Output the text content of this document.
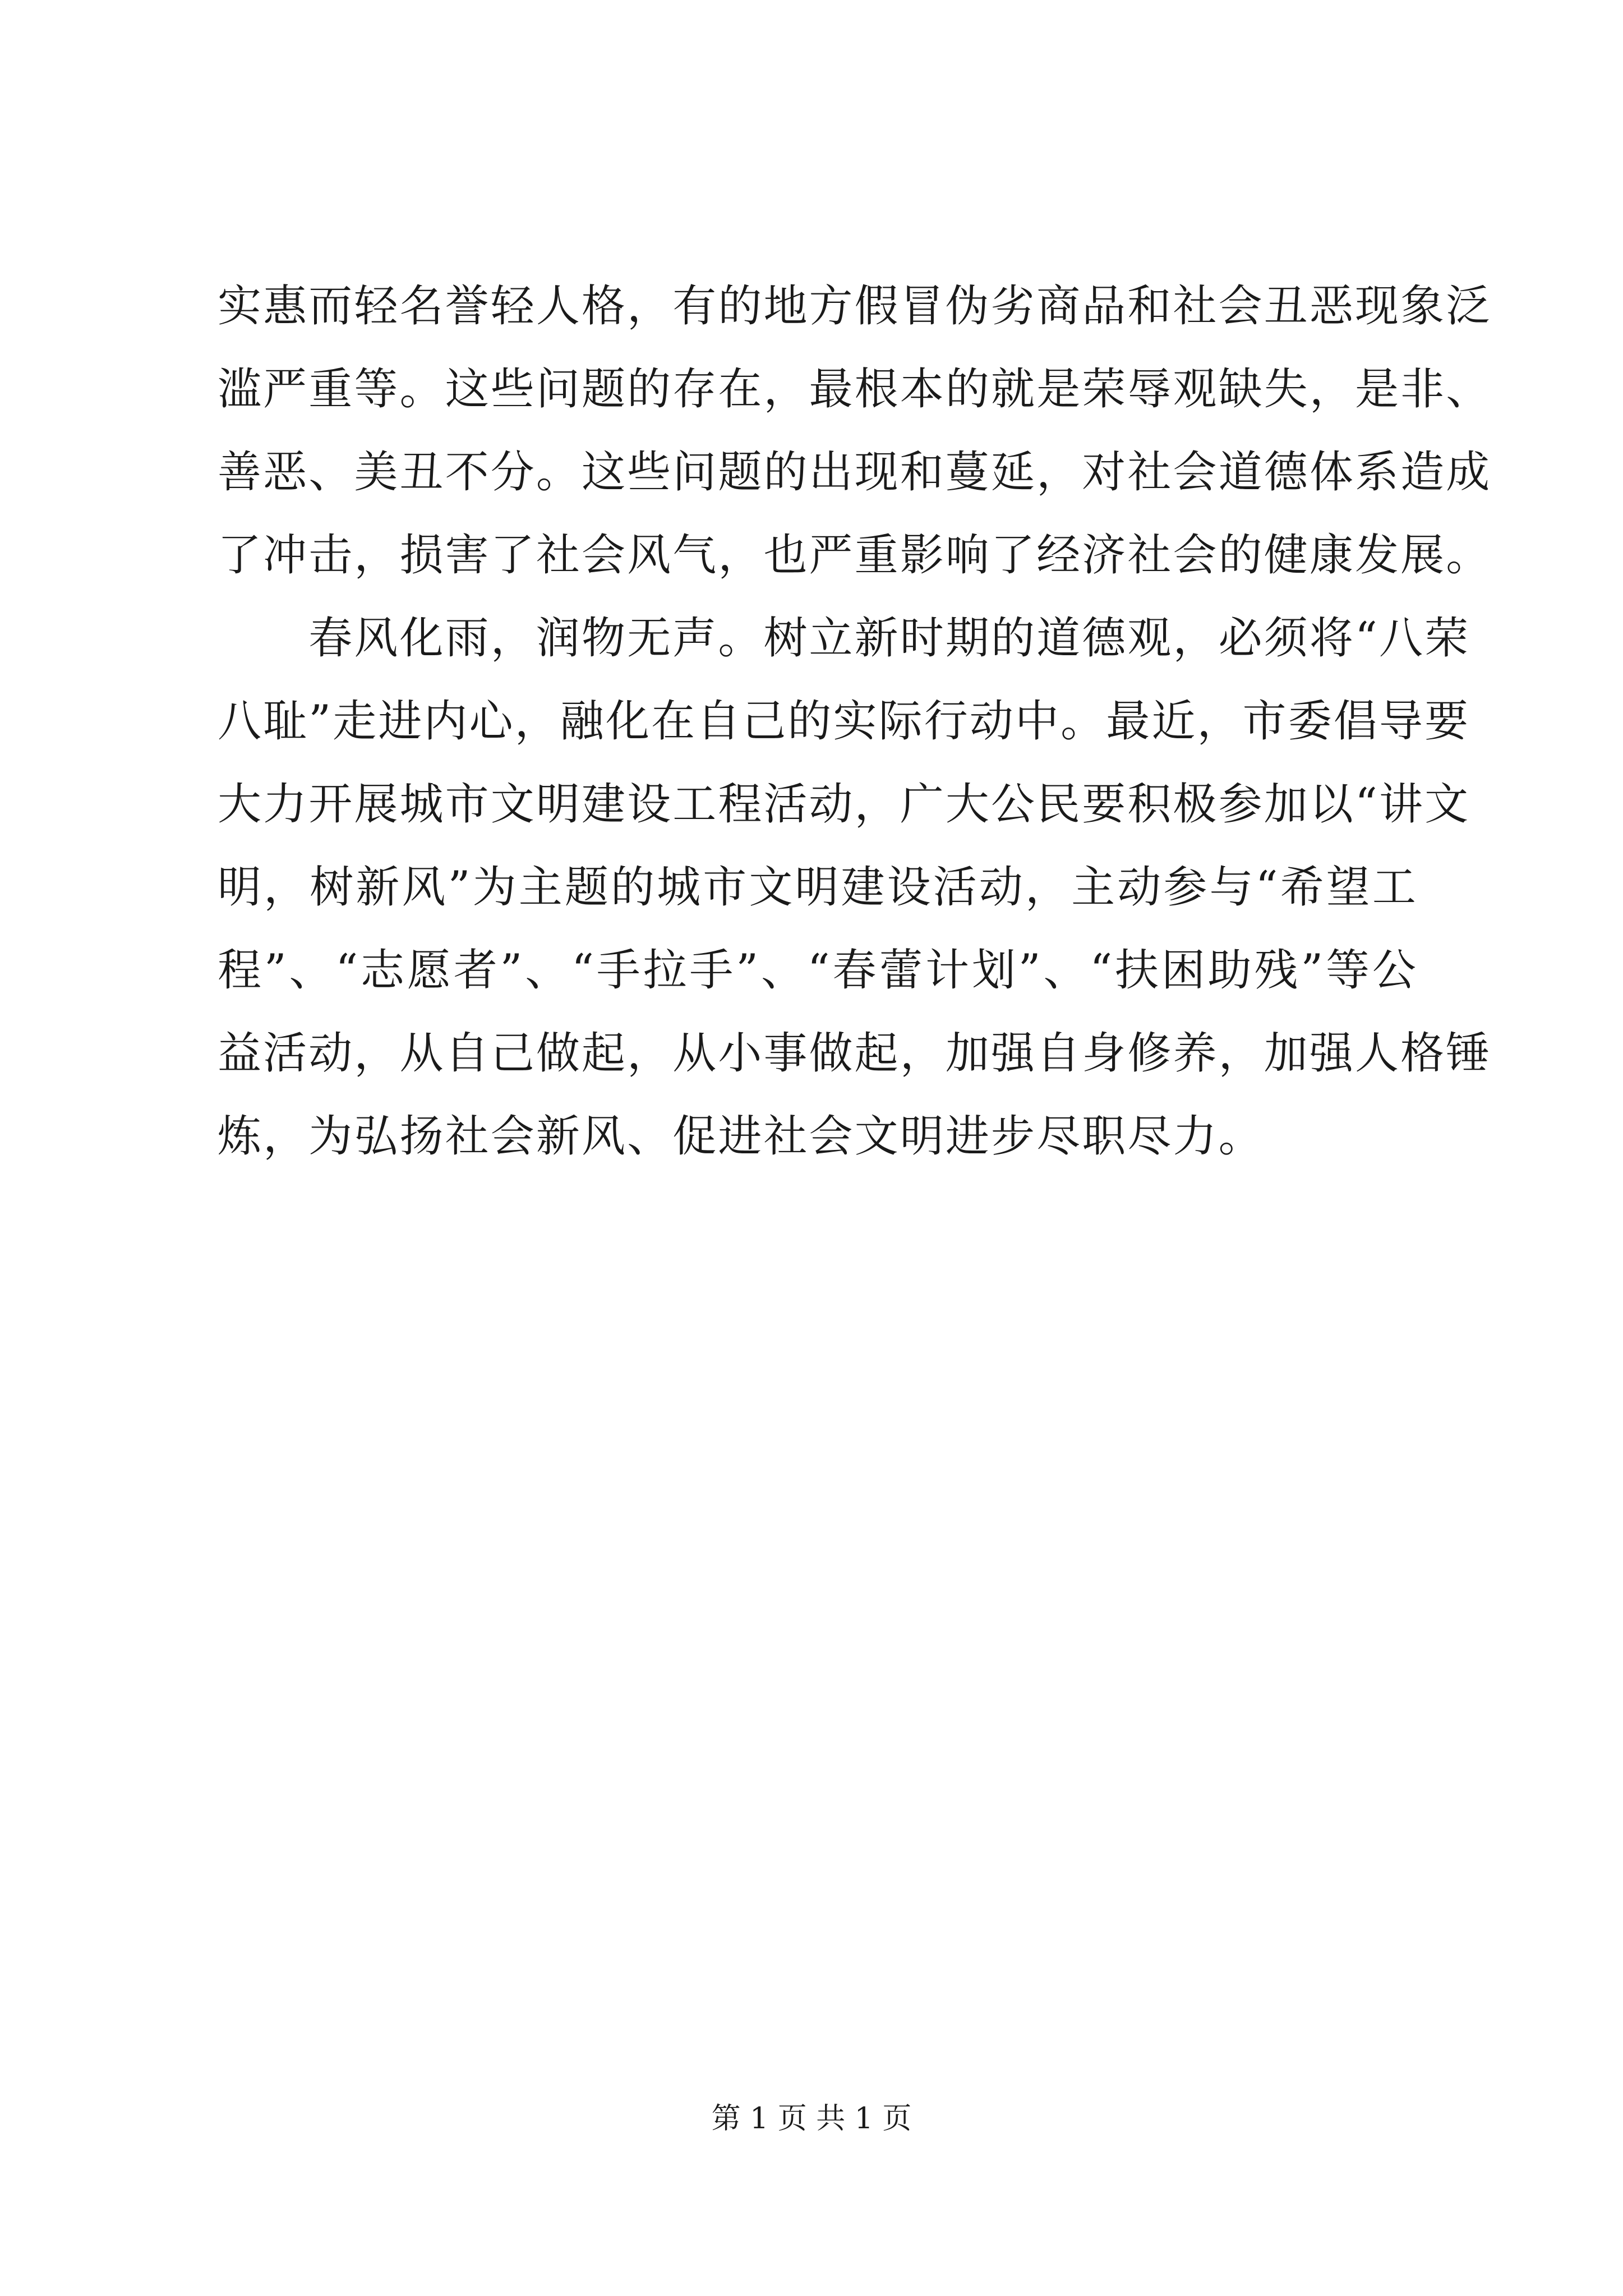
实惠而轻名誉轻人格，有的地方假冒伪劣商品和社会丑恶现象泛
滥严重等。这些问题的存在，最根本的就是荣辱观缺失，是非、
善恶、美丑不分。这些问题的出现和蔓延，对社会道德体系造成
了冲击，损害了社会风气，也严重影响了经济社会的健康发展。
　　春风化雨，润物无声。树立新时期的道德观，必须将“八荣
八耻”走进内心，融化在自己的实际行动中。最近，市委倡导要
大力开展城市文明建设工程活动，广大公民要积极参加以“讲文
明，树新风”为主题的城市文明建设活动，主动参与“希望工
程”、“志愿者”、“手拉手”、“春蕾计划”、“扶困助残”等公
益活动，从自己做起，从小事做起，加强自身修养，加强人格锤
炼，为弘扬社会新风、促进社会文明进步尽职尽力。
第 1 页 共 1 页
